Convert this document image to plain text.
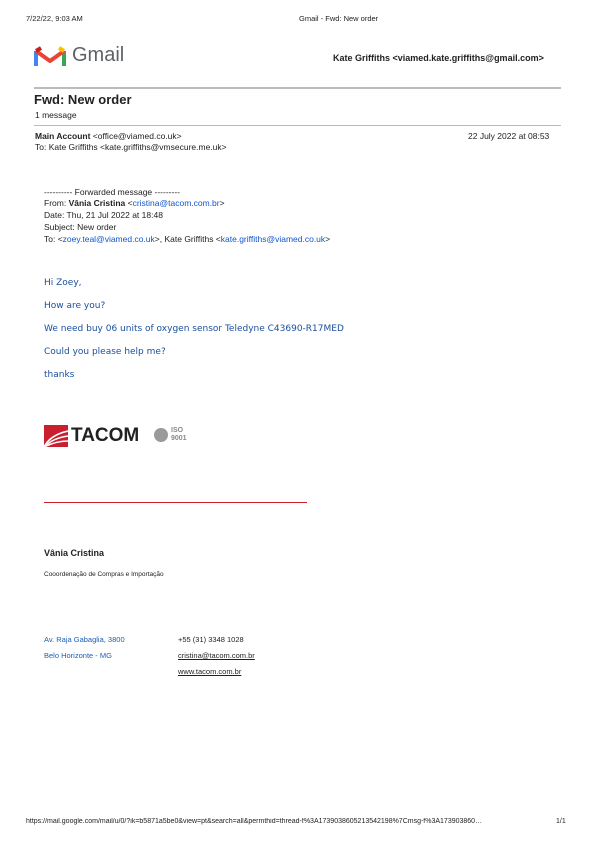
7/22/22, 9:03 AM	Gmail - Fwd: New order
Gmail	Kate Griffiths <viamed.kate.griffiths@gmail.com>
Fwd: New order
1 message
Main Account <office@viamed.co.uk>	22 July 2022 at 08:53
To: Kate Griffiths <kate.griffiths@vmsecure.me.uk>
---------- Forwarded message ---------
From: Vânia Cristina <cristina@tacom.com.br>
Date: Thu, 21 Jul 2022 at 18:48
Subject: New order
To: <zoey.teal@viamed.co.uk>, Kate Griffiths <kate.griffiths@viamed.co.uk>
Hi Zoey,
How are you?
We need buy 06 units of oxygen sensor Teledyne C43690-R17MED
Could you please help me?
thanks
TACOM	ISO
9001
Vânia Cristina
Cooordenação de Compras e Importação
Av. Raja Gabaglia, 3800
Belo Horizonte - MG
+55 (31) 3348 1028
cristina@tacom.com.br
www.tacom.com.br
https://mail.google.com/mail/u/0/?ik=b5871a5be0&view=pt&search=all&permthid=thread-f%3A1739038605213542198%7Cmsg-f%3A173903860…	1/1
